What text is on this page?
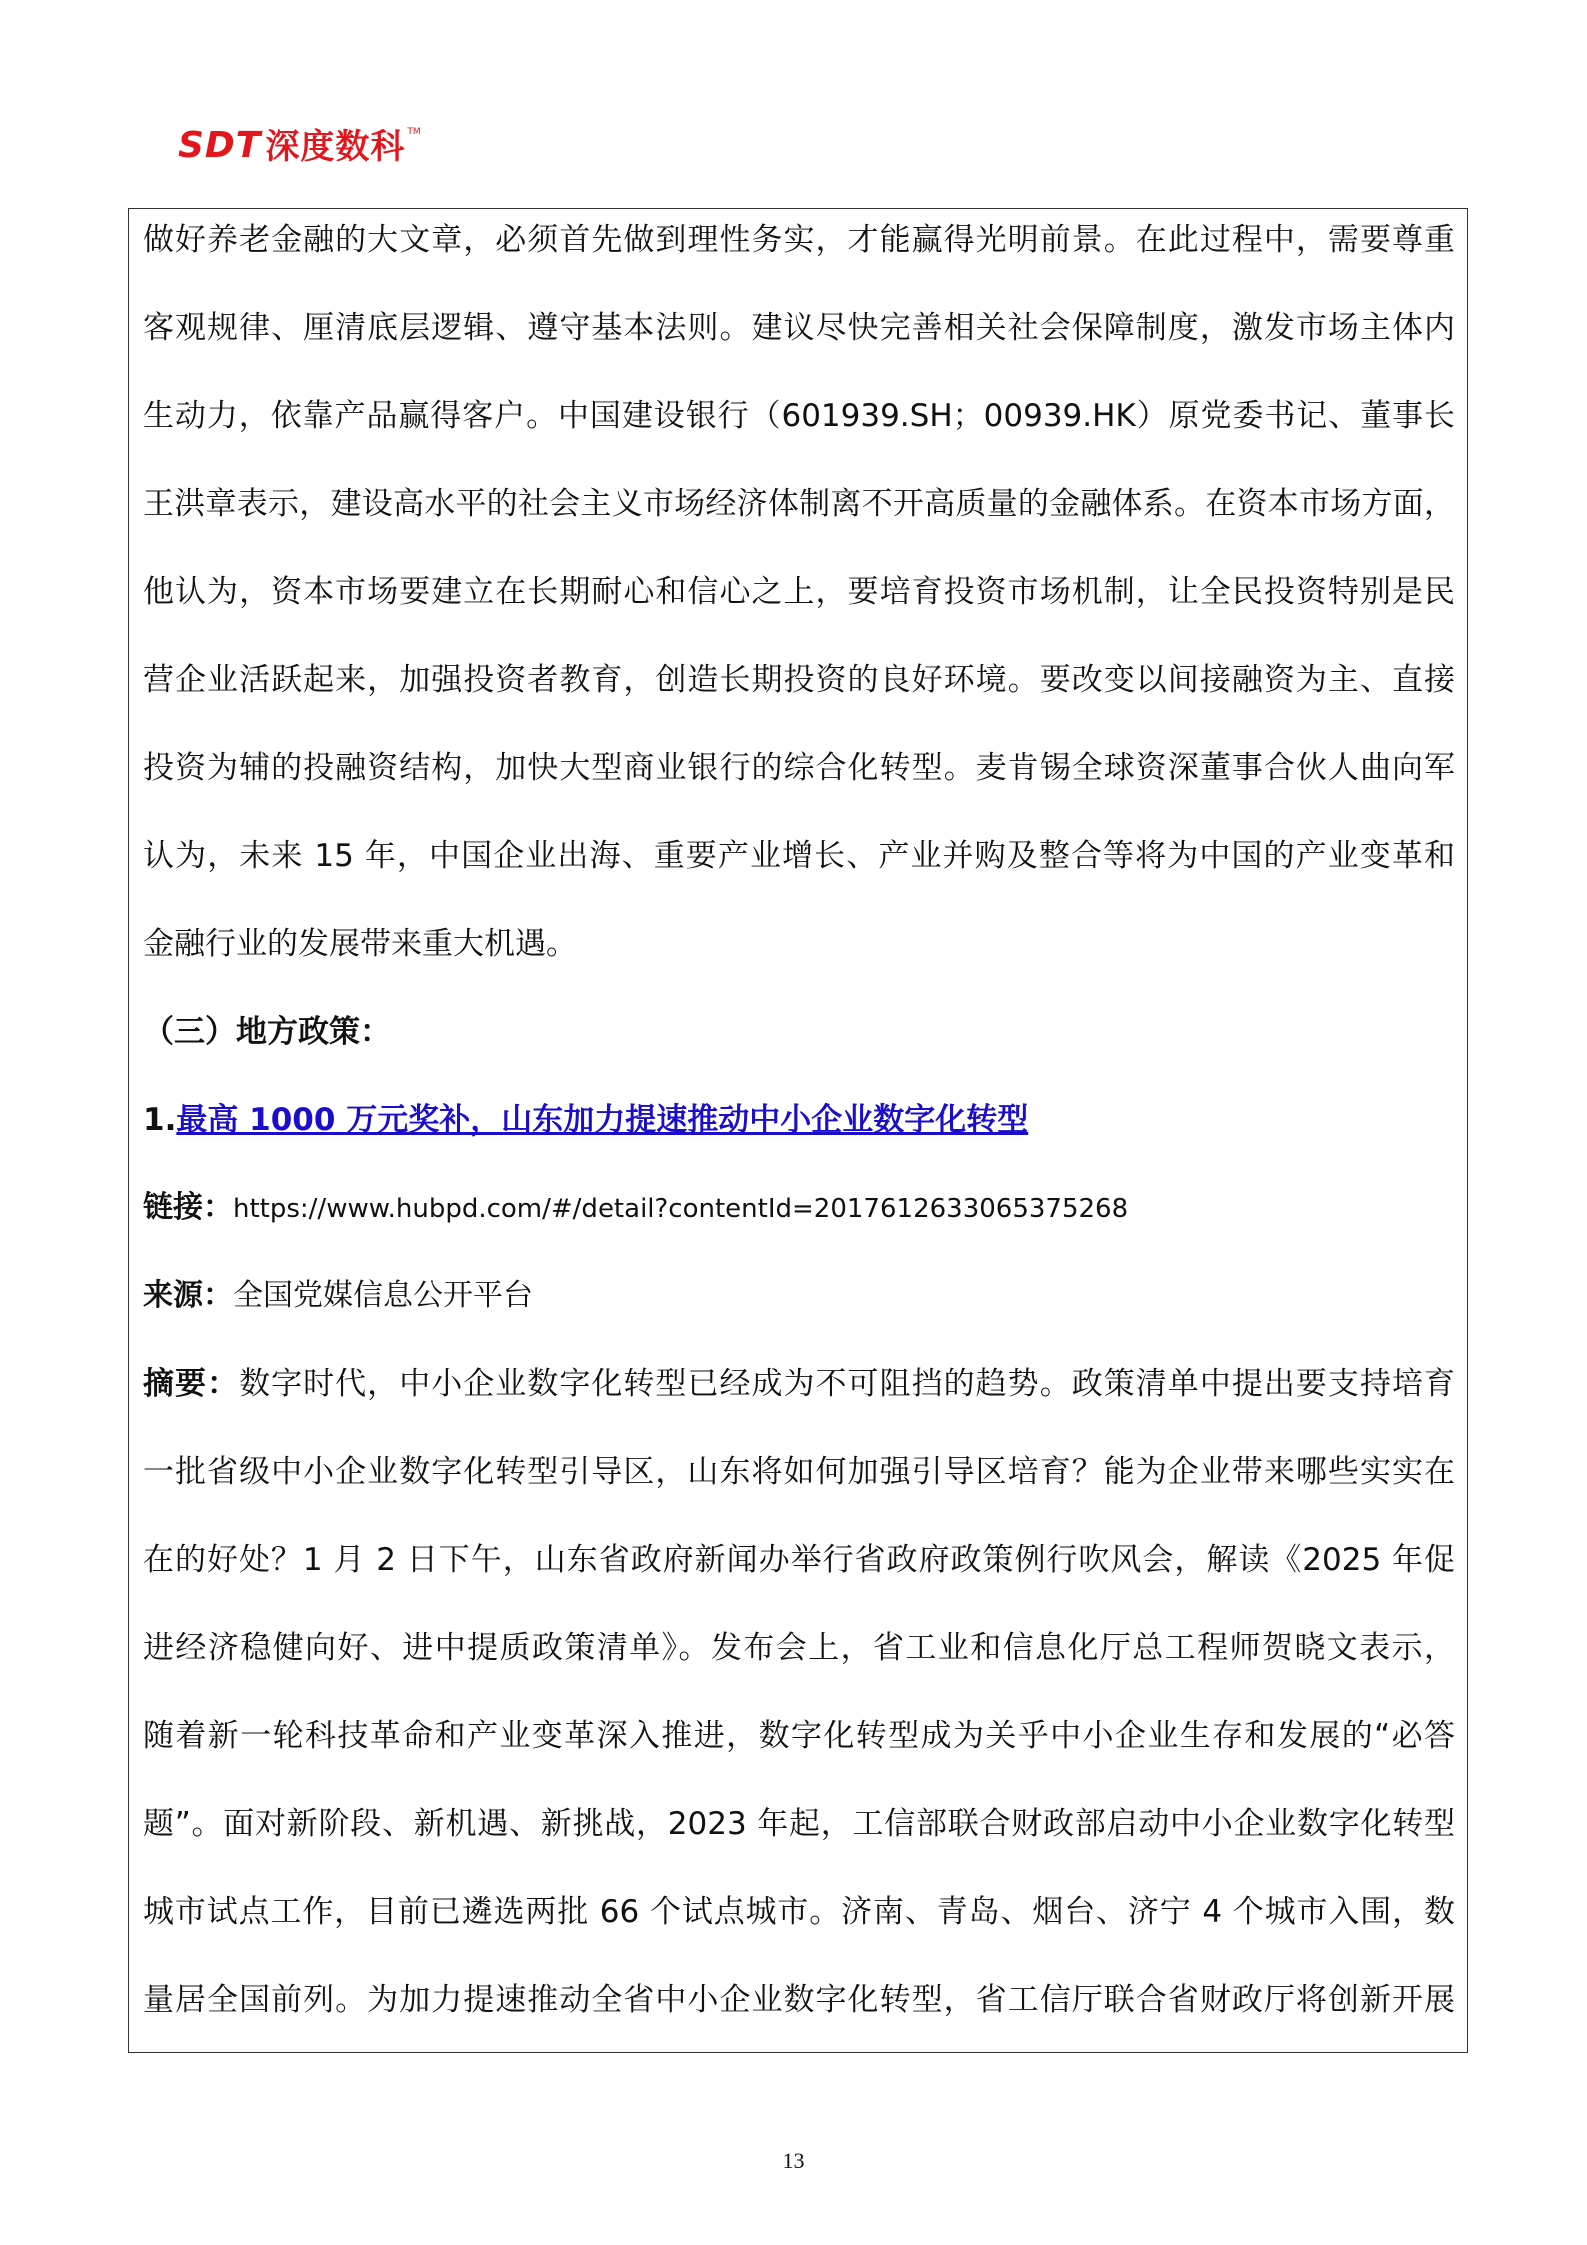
SDT 深度数科 TM
做好养老金融的大文章，必须首先做到理性务实，才能赢得光明前景。在此过程中，需要尊重
客观规律、厘清底层逻辑、遵守基本法则。建议尽快完善相关社会保障制度，激发市场主体内
生动力，依靠产品赢得客户。中国建设银行（601939.SH；00939.HK）原党委书记、董事长
王洪章表示，建设高水平的社会主义市场经济体制离不开高质量的金融体系。在资本市场方面，
他认为，资本市场要建立在长期耐心和信心之上，要培育投资市场机制，让全民投资特别是民
营企业活跃起来，加强投资者教育，创造长期投资的良好环境。要改变以间接融资为主、直接
投资为辅的投融资结构，加快大型商业银行的综合化转型。麦肯锡全球资深董事合伙人曲向军
认为，未来 15 年，中国企业出海、重要产业增长、产业并购及整合等将为中国的产业变革和
金融行业的发展带来重大机遇。
（三）地方政策：
1.最高 1000 万元奖补，山东加力提速推动中小企业数字化转型
链接：https://www.hubpd.com/#/detail?contentId=2017612633065375268
来源：全国党媒信息公开平台
摘要：数字时代，中小企业数字化转型已经成为不可阻挡的趋势。政策清单中提出要支持培育
一批省级中小企业数字化转型引导区，山东将如何加强引导区培育？能为企业带来哪些实实在
在的好处？1 月 2 日下午，山东省政府新闻办举行省政府政策例行吹风会，解读《2025 年促
进经济稳健向好、进中提质政策清单》。发布会上，省工业和信息化厅总工程师贺晓文表示，
随着新一轮科技革命和产业变革深入推进，数字化转型成为关乎中小企业生存和发展的“必答
题”。面对新阶段、新机遇、新挑战，2023 年起，工信部联合财政部启动中小企业数字化转型
城市试点工作，目前已遴选两批 66 个试点城市。济南、青岛、烟台、济宁 4 个城市入围，数
量居全国前列。为加力提速推动全省中小企业数字化转型，省工信厅联合省财政厅将创新开展
13
